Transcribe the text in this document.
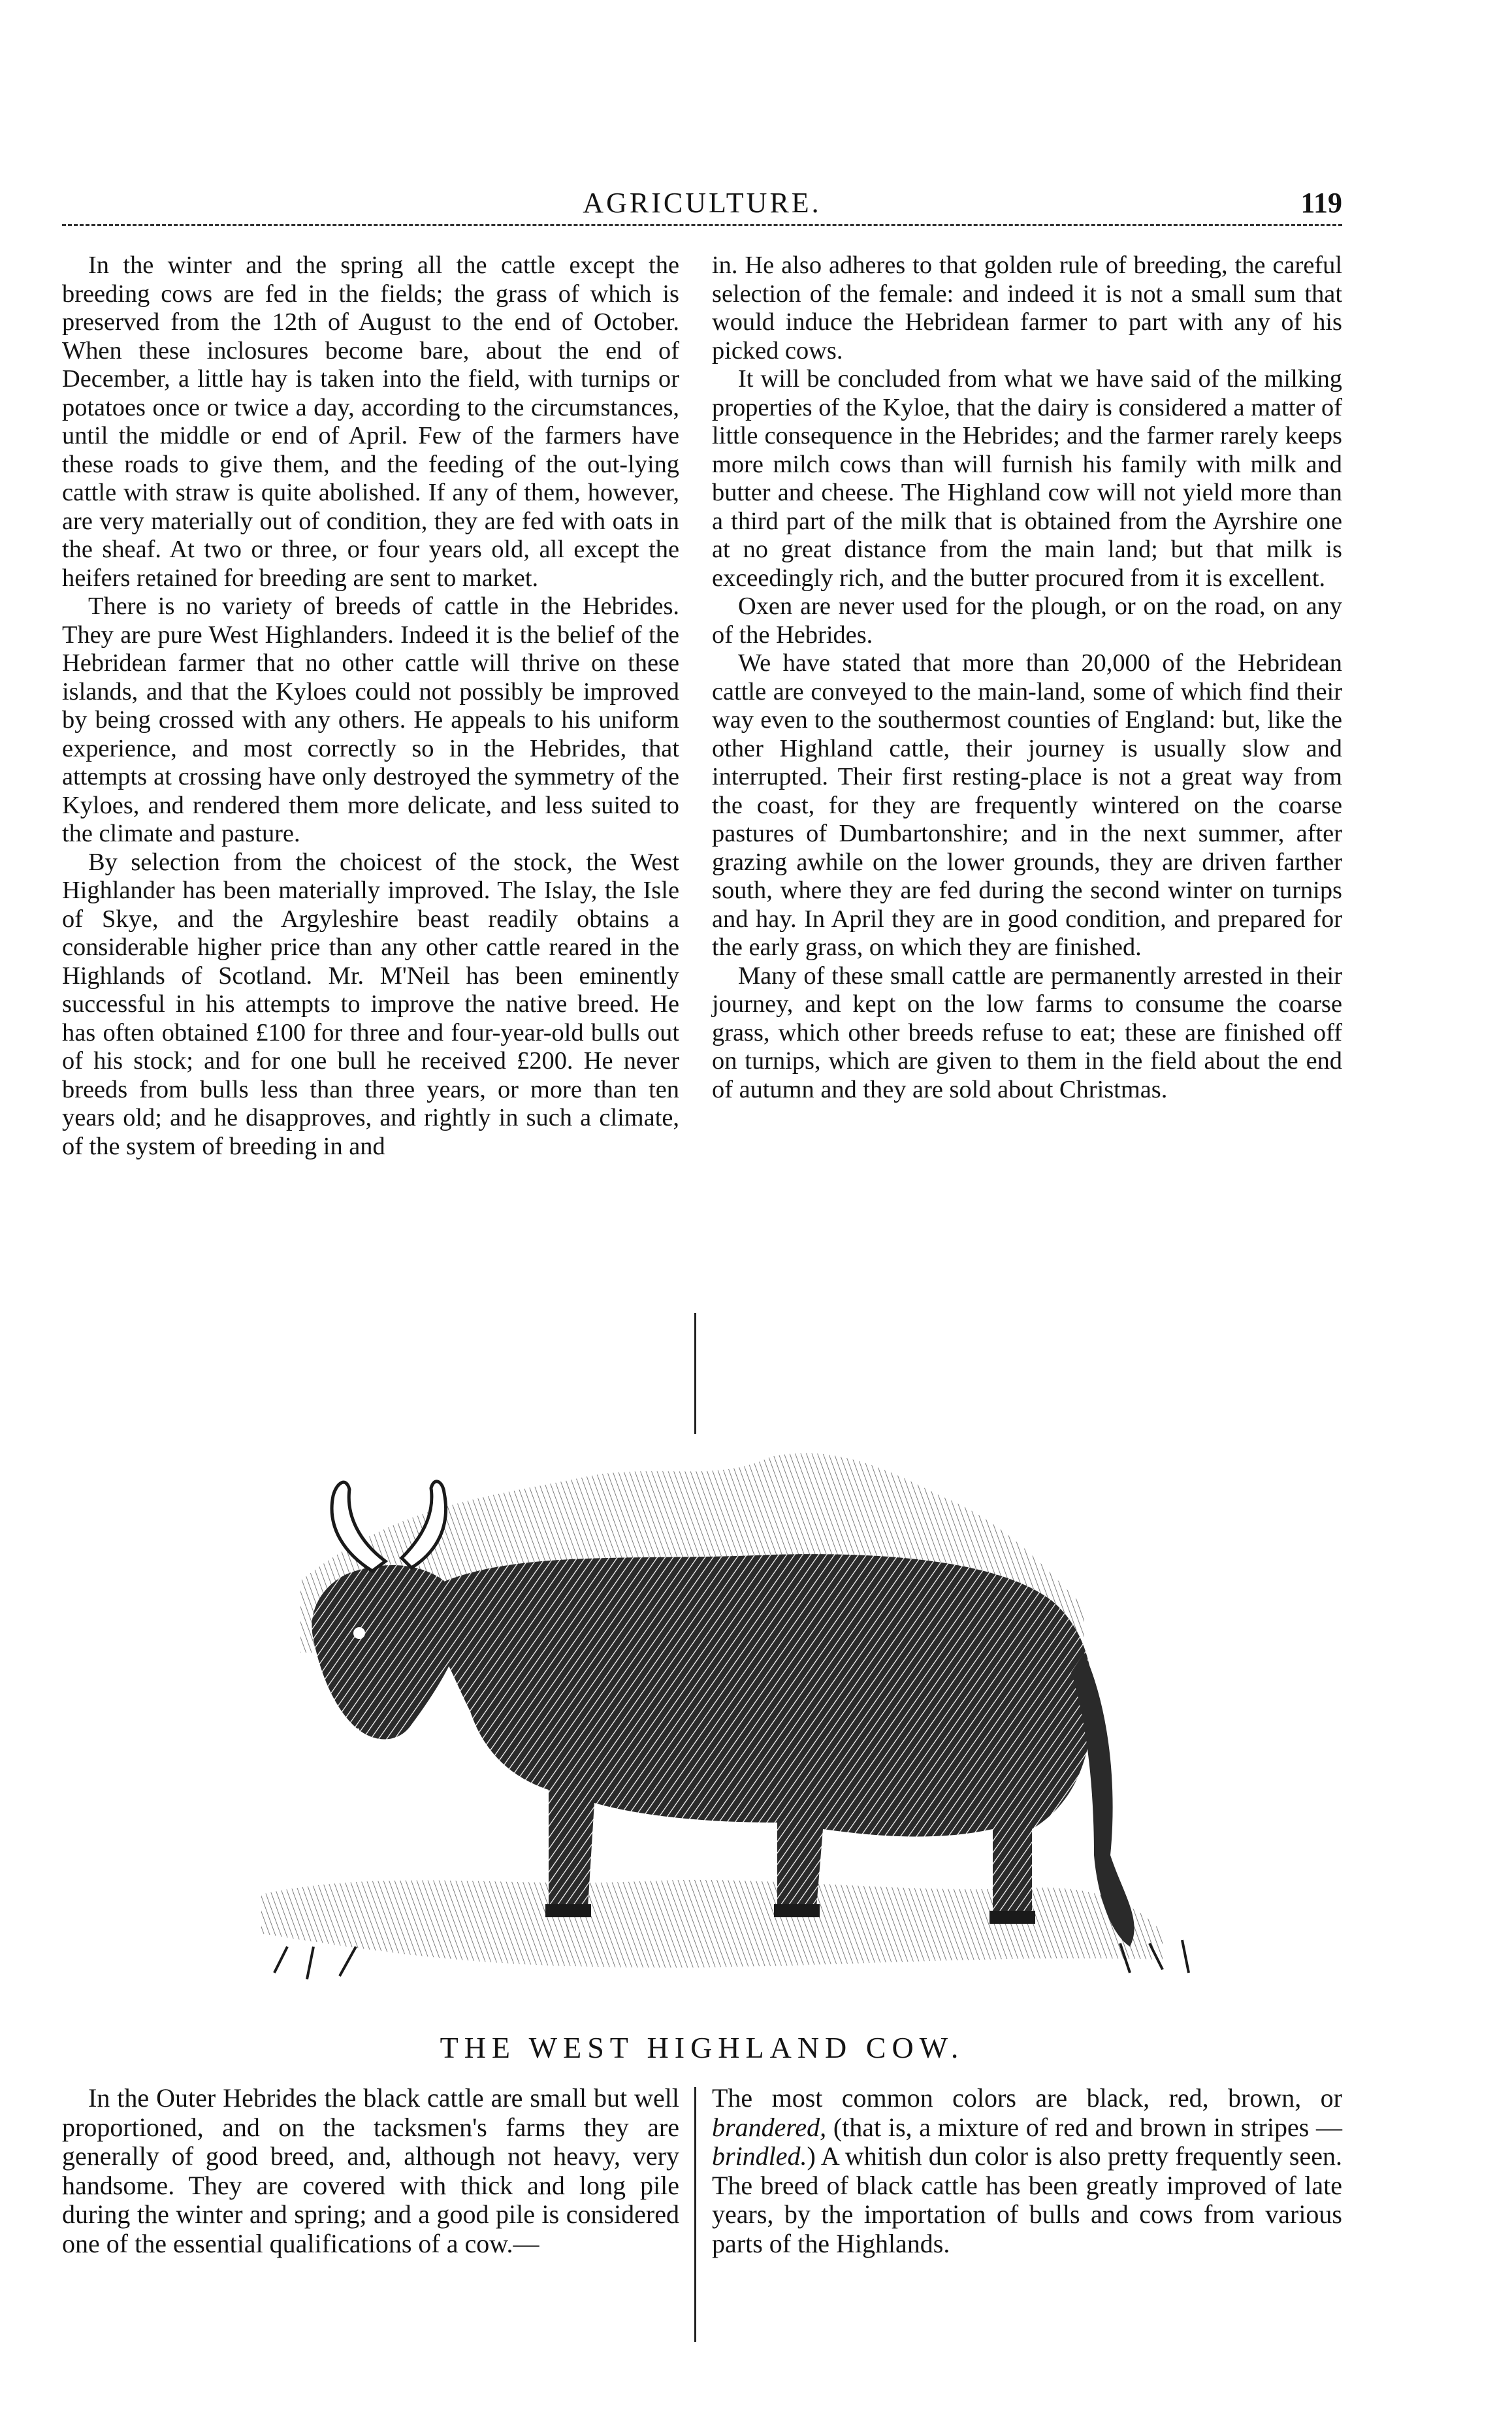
AGRICULTURE.	119

In the winter and the spring all the cattle except the breeding cows are fed in the fields; the grass of which is preserved from the 12th of August to the end of October. When these inclosures become bare, about the end of December, a little hay is taken into the field, with turnips or potatoes once or twice a day, according to the circumstances, until the middle or end of April. Few of the farmers have these roads to give them, and the feeding of the out-lying cattle with straw is quite abolished. If any of them, however, are very materially out of condition, they are fed with oats in the sheaf. At two or three, or four years old, all except the heifers retained for breeding are sent to market.

There is no variety of breeds of cattle in the Hebrides. They are pure West Highlanders. Indeed it is the belief of the Hebridean farmer that no other cattle will thrive on these islands, and that the Kyloes could not possibly be improved by being crossed with any others. He appeals to his uniform experience, and most correctly so in the Hebrides, that attempts at crossing have only destroyed the symmetry of the Kyloes, and rendered them more delicate, and less suited to the climate and pasture.

By selection from the choicest of the stock, the West Highlander has been materially improved. The Islay, the Isle of Skye, and the Argyleshire beast readily obtains a considerable higher price than any other cattle reared in the Highlands of Scotland. Mr. M'Neil has been eminently successful in his attempts to improve the native breed. He has often obtained £100 for three and four-year-old bulls out of his stock; and for one bull he received £200. He never breeds from bulls less than three years, or more than ten years old; and he disapproves, and rightly in such a climate, of the system of breeding in and

in. He also adheres to that golden rule of breeding, the careful selection of the female: and indeed it is not a small sum that would induce the Hebridean farmer to part with any of his picked cows.

It will be concluded from what we have said of the milking properties of the Kyloe, that the dairy is considered a matter of little consequence in the Hebrides; and the farmer rarely keeps more milch cows than will furnish his family with milk and butter and cheese. The Highland cow will not yield more than a third part of the milk that is obtained from the Ayrshire one at no great distance from the main land; but that milk is exceedingly rich, and the butter procured from it is excellent.

Oxen are never used for the plough, or on the road, on any of the Hebrides.

We have stated that more than 20,000 of the Hebridean cattle are conveyed to the main-land, some of which find their way even to the southermost counties of England: but, like the other Highland cattle, their journey is usually slow and interrupted. Their first resting-place is not a great way from the coast, for they are frequently wintered on the coarse pastures of Dumbartonshire; and in the next summer, after grazing awhile on the lower grounds, they are driven farther south, where they are fed during the second winter on turnips and hay. In April they are in good condition, and prepared for the early grass, on which they are finished.

Many of these small cattle are permanently arrested in their journey, and kept on the low farms to consume the coarse grass, which other breeds refuse to eat; these are finished off on turnips, which are given to them in the field about the end of autumn and they are sold about Christmas.

THE WEST HIGHLAND COW.

In the Outer Hebrides the black cattle are small but well proportioned, and on the tacksmen's farms they are generally of good breed, and, although not heavy, very handsome. They are covered with thick and long pile during the winter and spring; and a good pile is considered one of the essential qualifications of a cow.—

The most common colors are black, red, brown, or brandered, (that is, a mixture of red and brown in stripes — brindled.) A whitish dun color is also pretty frequently seen. The breed of black cattle has been greatly improved of late years, by the importation of bulls and cows from various parts of the Highlands.
